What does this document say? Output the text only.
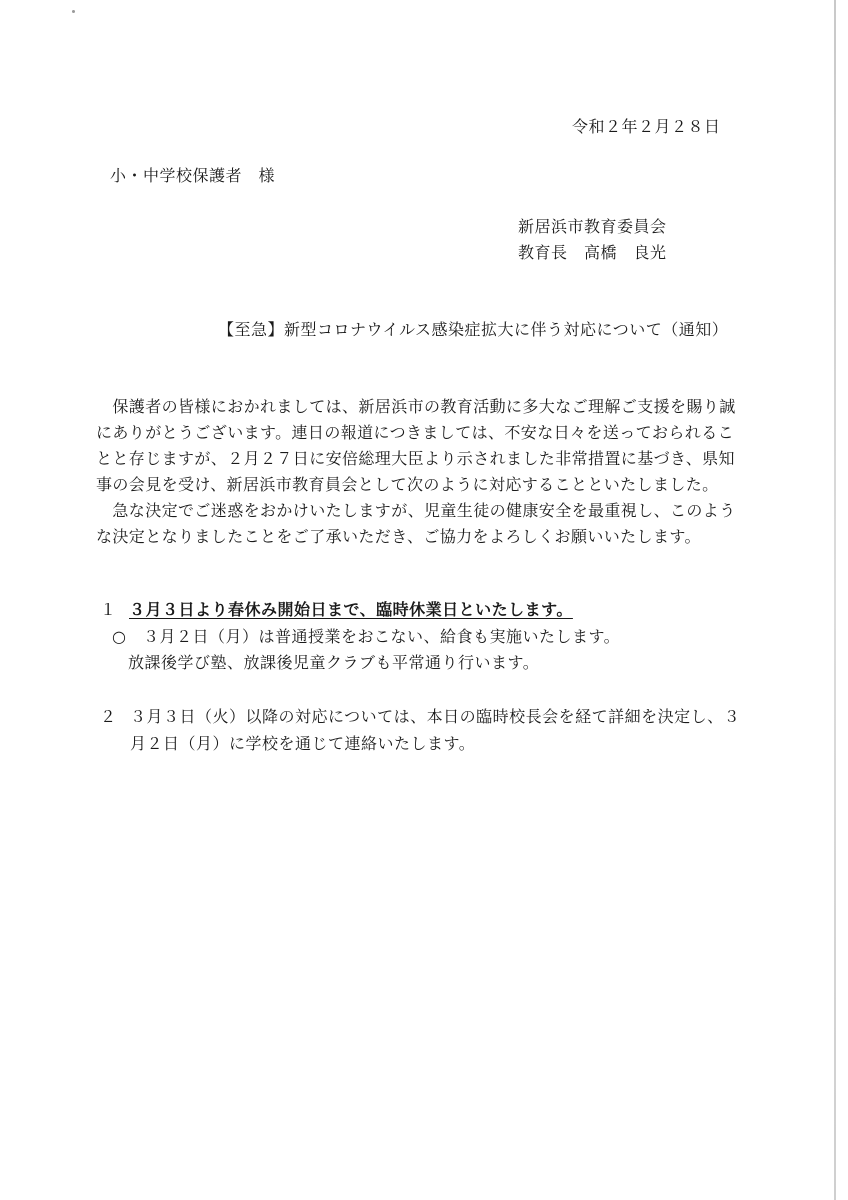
令和２年２月２８日
小・中学校保護者　様
新居浜市教育委員会
教育長　高橋　良光
【至急】新型コロナウイルス感染症拡大に伴う対応について（通知）
　保護者の皆様におかれましては、新居浜市の教育活動に多大なご理解ご支援を賜り誠にありがとうございます。連日の報道につきましては、不安な日々を送っておられることと存じますが、２月２７日に安倍総理大臣より示されました非常措置に基づき、県知事の会見を受け、新居浜市教育員会として次のように対応することといたしました。
　急な決定でご迷惑をおかけいたしますが、児童生徒の健康安全を最重視し、このような決定となりましたことをご了承いただき、ご協力をよろしくお願いいたします。
１ ３月３日より春休み開始日まで、臨時休業日といたします。
○　３月２日（月）は普通授業をおこない、給食も実施いたします。
放課後学び塾、放課後児童クラブも平常通り行います。
２ ３月３日（火）以降の対応については、本日の臨時校長会を経て詳細を決定し、３
月２日（月）に学校を通じて連絡いたします。
